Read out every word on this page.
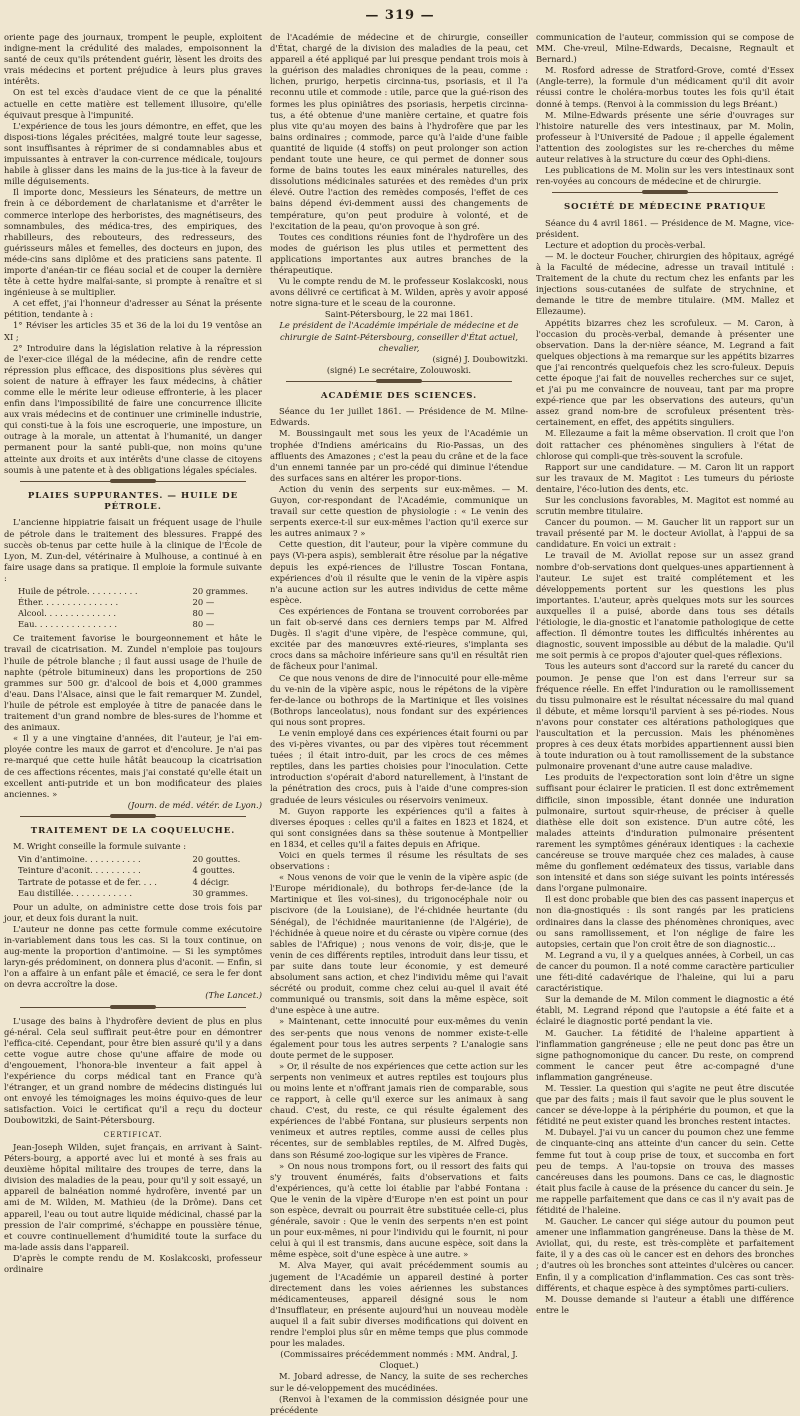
— 319 —

oriente page des journaux, trompent le peuple, exploitent indigne-ment la crédulité des malades, empoisonnent la santé de ceux qu'ils prétendent guérir, lèsent les droits des vrais médecins et portent préjudice à leurs plus graves intérêts.

On est tel excès d'audace vient de ce que la pénalité actuelle en cette matière est tellement illusoire, qu'elle équivaut presque à l'impunité.

L'expérience de tous les jours démontre, en effet, que les disposi-tions légales précitées, malgré toute leur sagesse, sont insuffisantes à réprimer de si condamnables abus et impuissantes à entraver la con-currence médicale, toujours habile à glisser dans les mains de la jus-tice à la faveur de mille déguisements.

Il importe donc, Messieurs les Sénateurs, de mettre un frein à ce débordement de charlatanisme et d'arrêter le commerce interlope des herboristes, des magnétiseurs, des somnambules, des médica-tres, des empiriques, des rhabilleurs, des rebouteurs, des redresseurs, des guérisseurs mâles et femelles, des docteurs en jupon, des méde-cins sans diplôme et des praticiens sans patente. Il importe d'anéan-tir ce fléau social et de couper la dernière tête à cette hydre malfai-sante, si prompte à renaître et si ingénieuse à se multiplier.

A cet effet, j'ai l'honneur d'adresser au Sénat la présente pétition, tendante à :

1° Réviser les articles 35 et 36 de la loi du 19 ventôse an XI ;

2° Introduire dans la législation relative à la répression de l'exer-cice illégal de la médecine, afin de rendre cette répression plus efficace, des dispositions plus sévères qui soient de nature à effrayer les faux médecins, à châtier comme elle le mérite leur odieuse effronterie, à les placer enfin dans l'impossibilité de faire une concurrence illicite aux vrais médecins et de continuer une criminelle industrie, qui consti-tue à la fois une escroquerie, une imposture, un outrage à la morale, un attentat à l'humanité, un danger permanent pour la santé publi-que, non moins qu'une atteinte aux droits et aux intérêts d'une classe de citoyens soumis à une patente et à des obligations légales spéciales.

PLAIES SUPPURANTES. — HUILE DE PÉTROLE.

L'ancienne hippiatrie faisait un fréquent usage de l'huile de pétrole dans le traitement des blessures. Frappé des succès ob-tenus par cette huile à la clinique de l'École de Lyon, M. Zun-del, vétérinaire à Mulhouse, a continué à en faire usage dans sa pratique. Il emploie la formule suivante :

Huile de pétrole. . . . . . . . . .	20 grammes.
Éther. . . . . . . . . . . . . . .	20 —
Alcool. . . . . . . . . . . . . .	80 —
Eau. . . . . . . . . . . . . . . .	80 —

Ce traitement favorise le bourgeonnement et hâte le travail de cicatrisation. M. Zundel n'emploie pas toujours l'huile de pétrole blanche ; il faut aussi usage de l'huile de naphte (pétrole bitumineux) dans les proportions de 250 grammes sur 500 gr. d'alcool de bois et 4,000 grammes d'eau. Dans l'Alsace, ainsi que le fait remarquer M. Zundel, l'huile de pétrole est employée à titre de panacée dans le traitement d'un grand nombre de bles-sures de l'homme et des animaux.

« Il y a une vingtaine d'années, dit l'auteur, je l'ai em-ployée contre les maux de garrot et d'encolure. Je n'ai pas re-marqué que cette huile hâtât beaucoup la cicatrisation de ces affections récentes, mais j'ai constaté qu'elle était un excellent anti-putride et un bon modificateur des plaies anciennes. »

(Journ. de méd. vétér. de Lyon.)

TRAITEMENT DE LA COQUELUCHE.

M. Wright conseille la formule suivante :

Vin d'antimoine. . . . . . . . . . .	20 gouttes.
Teinture d'aconit. . . . . . . . . .	4 gouttes.
Tartrate de potasse et de fer. . . .	4 décigr.
Eau distillée. . . . . . . . . . . .	30 grammes.

Pour un adulte, on administre cette dose trois fois par jour, et deux fois durant la nuit.

L'auteur ne donne pas cette formule comme exécutoire in-variablement dans tous les cas. Si la toux continue, on aug-mente la proportion d'antimoine. — Si les symptômes laryn-gés prédominent, on donnera plus d'aconit. — Enfin, si l'on a affaire à un enfant pâle et émacié, ce sera le fer dont on devra accroître la dose.

(The Lancet.)

L'usage des bains à l'hydrofère devient de plus en plus gé-néral. Cela seul suffirait peut-être pour en démontrer l'effica-cité. Cependant, pour être bien assuré qu'il y a dans cette vogue autre chose qu'une affaire de mode ou d'engouement, l'honora-ble inventeur a fait appel à l'expérience du corps médical tant en France qu'à l'étranger, et un grand nombre de médecins distingués lui ont envoyé les témoignages les moins équivo-ques de leur satisfaction. Voici le certificat qu'il a reçu du docteur Doubowitzki, de Saint-Pétersbourg.

CERTIFICAT.

Jean-Joseph Wilden, sujet français, en arrivant à Saint-Péters-bourg, a apporté avec lui et monté à ses frais au deuxième hôpital militaire des troupes de terre, dans la division des maladies de la peau, pour qu'il y soit essayé, un appareil de balnéation nommé hydrofère, inventé par un ami de M. Wilden, M. Mathieu (de la Drôme). Dans cet appareil, l'eau ou tout autre liquide médicinal, chassé par la pression de l'air comprimé, s'échappe en poussière ténue, et couvre continuellement d'humidité toute la surface du ma-lade assis dans l'appareil.

D'après le compte rendu de M. Koslakcoski, professeur ordinaire

de l'Académie de médecine et de chirurgie, conseiller d'État, chargé de la division des maladies de la peau, cet appareil a été appliqué par lui presque pendant trois mois à la guérison des maladies chroniques de la peau, comme : lichen, prurigo, herpetis circinna-tus, psoriasis, et il l'a reconnu utile et commode : utile, parce que la gué-rison des formes les plus opiniâtres des psoriasis, herpetis circinna-tus, a été obtenue d'une manière certaine, et quatre fois plus vite qu'au moyen des bains à l'hydrofère que par les bains ordinaires ; commode, parce qu'à l'aide d'une faible quantité de liquide (4 stoffs) on peut prolonger son action pendant toute une heure, ce qui permet de donner sous forme de bains toutes les eaux minérales naturelles, des dissolutions médicinales saturées et des remèdes d'un prix élevé. Outre l'action des remèdes composés, l'effet de ces bains dépend évi-demment aussi des changements de température, qu'on peut produire à volonté, et de l'excitation de la peau, qu'on provoque à son gré.

Toutes ces conditions réunies font de l'hydrofère un des modes de guérison les plus utiles et permettent des applications importantes aux autres branches de la thérapeutique.

Vu le compte rendu de M. le professeur Koslakcoski, nous avons délivré ce certificat à M. Wilden, après y avoir apposé notre signa-ture et le sceau de la couronne.

Saint-Pétersbourg, le 22 mai 1861.

Le président de l'Académie impériale de médecine et de chirurgie de Saint-Pétersbourg, conseiller d'État actuel, chevalier,

(signé) J. Doubowitzki.

(signé) Le secrétaire, Zolouwoski.

ACADÉMIE DES SCIENCES.

Séance du 1er juillet 1861. — Présidence de M. Milne-Edwards.

M. Boussingault met sous les yeux de l'Académie un trophée d'Indiens américains du Rio-Passas, un des affluents des Amazones ; c'est la peau du crâne et de la face d'un ennemi tannée par un pro-cédé qui diminue l'étendue des surfaces sans en altérer les propor-tions.

Action du venin des serpents sur eux-mêmes. — M. Guyon, cor-respondant de l'Académie, communique un travail sur cette question de physiologie : « Le venin des serpents exerce-t-il sur eux-mêmes l'action qu'il exerce sur les autres animaux ? »

Cette question, dit l'auteur, pour la vipère commune du pays (Vi-pera aspis), semblerait être résolue par la négative depuis les expé-riences de l'illustre Toscan Fontana, expériences d'où il résulte que le venin de la vipère aspis n'a aucune action sur les autres individus de cette même espèce.

Ces expériences de Fontana se trouvent corroborées par un fait ob-servé dans ces derniers temps par M. Alfred Dugès. Il s'agit d'une vipère, de l'espèce commune, qui, excitée par des manœuvres exté-rieures, s'implanta ses crocs dans sa mâchoire inférieure sans qu'il en résultât rien de fâcheux pour l'animal.

Ce que nous venons de dire de l'innocuité pour elle-même du ve-nin de la vipère aspic, nous le répétons de la vipère fer-de-lance ou bothrops de la Martinique et îles voisines (Bothrops lanceolatus), nous fondant sur des expériences qui nous sont propres.

Le venin employé dans ces expériences était fourni ou par des vi-pères vivantes, ou par des vipères tout récemment tuées ; il était intro-duit, par les crocs de ces mêmes reptiles, dans les parties choisies pour l'inoculation. Cette introduction s'opérait d'abord naturellement, à l'instant de la pénétration des crocs, puis à l'aide d'une compres-sion graduée de leurs vésicules ou réservoirs venimeux.

M. Guyon rapporte les expériences qu'il a faites à diverses époques : celles qu'il a faites en 1823 et 1824, et qui sont consignées dans sa thèse soutenue à Montpellier en 1834, et celles qu'il a faites depuis en Afrique.

Voici en quels termes il résume les résultats de ses observations :

« Nous venons de voir que le venin de la vipère aspic (de l'Europe méridionale), du bothrops fer-de-lance (de la Martinique et îles voi-sines), du trigonocéphale noir ou piscivore (de la Louisiane), de l'é-chidnée heurtante (du Sénégal), de l'échidnée mauritanienne (de l'Algérie), de l'échidnée à queue noire et du céraste ou vipère cornue (des sables de l'Afrique) ; nous venons de voir, dis-je, que le venin de ces différents reptiles, introduit dans leur tissu, et par suite dans toute leur économie, y est demeuré absolument sans action, et chez l'individu même qui l'avait sécrété ou produit, comme chez celui au-quel il avait été communiqué ou transmis, soit dans la même espèce, soit d'une espèce à une autre.

» Maintenant, cette innocuité pour eux-mêmes du venin des ser-pents que nous venons de nommer existe-t-elle également pour tous les autres serpents ? L'analogie sans doute permet de le supposer.

» Or, il résulte de nos expériences que cette action sur les serpents non venimeux et autres reptiles est toujours plus ou moins lente et n'offrant jamais rien de comparable, sous ce rapport, à celle qu'il exerce sur les animaux à sang chaud. C'est, du reste, ce qui résulte également des expériences de l'abbé Fontana, sur plusieurs serpents non venimeux et autres reptiles, comme aussi de celles plus récentes, sur de semblables reptiles, de M. Alfred Dugès, dans son Résumé zoo-logique sur les vipères de France.

» On nous nous trompons fort, ou il ressort des faits qui s'y trouvent énumérés, faits d'observations et faits d'expériences, qu'à cette loi établie par l'abbé Fontana : Que le venin de la vipère d'Europe n'en est point un pour son espèce, devrait ou pourrait être substituée celle-ci, plus générale, savoir : Que le venin des serpents n'en est point un pour eux-mêmes, ni pour l'individu qui le fournit, ni pour celui à qui il est transmis, dans aucune espèce, soit dans la même espèce, soit d'une espèce à une autre. »

M. Alva Mayer, qui avait précédemment soumis au jugement de l'Académie un appareil destiné à porter directement dans les voies aériennes les substances médicamenteuses, appareil désigné sous le nom d'Insufflateur, en présente aujourd'hui un nouveau modèle auquel il a fait subir diverses modifications qui doivent en rendre l'emploi plus sûr en même temps que plus commode pour les malades.

(Commissaires précédemment nommés : MM. Andral, J. Cloquet.)

M. Jobard adresse, de Nancy, la suite de ses recherches sur le dé-veloppement des mucédinées.

(Renvoi à l'examen de la commission désignée pour une précédente

communication de l'auteur, commission qui se compose de MM. Che-vreul, Milne-Edwards, Decaisne, Regnault et Bernard.)

M. Rosford adresse de Stratford-Grove, comté d'Essex (Angle-terre), la formule d'un médicament qu'il dit avoir réussi contre le choléra-morbus toutes les fois qu'il était donné à temps. (Renvoi à la commission du legs Bréant.)

M. Milne-Edwards présente une série d'ouvrages sur l'histoire naturelle des vers intestinaux, par M. Molin, professeur à l'Université de Padoue ; il appelle également l'attention des zoologistes sur les re-cherches du même auteur relatives à la structure du cœur des Ophi-diens.

Les publications de M. Molin sur les vers intestinaux sont ren-voyées au concours de médecine et de chirurgie.

SOCIÉTÉ DE MÉDECINE PRATIQUE

Séance du 4 avril 1861. — Présidence de M. Magne, vice-président.

Lecture et adoption du procès-verbal.

— M. le docteur Foucher, chirurgien des hôpitaux, agrégé à la Faculté de médecine, adresse un travail intitulé : Traitement de la chute du rectum chez les enfants par les injections sous-cutanées de sulfate de strychnine, et demande le titre de membre titulaire. (MM. Mallez et Ellezaume).

Appétits bizarres chez les scrofuleux. — M. Caron, à l'occasion du procès-verbal, demande à présenter une observation. Dans la der-nière séance, M. Legrand a fait quelques objections à ma remarque sur les appétits bizarres que j'ai rencontrés quelquefois chez les scro-fuleux. Depuis cette époque j'ai fait de nouvelles recherches sur ce sujet, et j'ai pu me convaincre de nouveau, tant par ma propre expé-rience que par les observations des auteurs, qu'un assez grand nom-bre de scrofuleux présentent très-certainement, en effet, des appétits singuliers.

M. Ellezaume a fait la même observation. Il croit que l'on doit rattacher ces phénomènes singuliers à l'état de chlorose qui compli-que très-souvent la scrofule.

Rapport sur une candidature. — M. Caron lit un rapport sur les travaux de M. Magitot : Les tumeurs du périoste dentaire, l'éco-lution des dents, etc.

Sur les conclusions favorables, M. Magitot est nommé au scrutin membre titulaire.

Cancer du poumon. — M. Gaucher lit un rapport sur un travail présenté par M. le docteur Aviollat, à l'appui de sa candidature. En voici un extrait :

Le travail de M. Aviollat repose sur un assez grand nombre d'ob-servations dont quelques-unes appartiennent à l'auteur. Le sujet est traité complétement et les développements portent sur les questions les plus importantes. L'auteur, après quelques mots sur les sources auxquelles il a puisé, aborde dans tous ses détails l'étiologie, le dia-gnostic et l'anatomie pathologique de cette affection. Il démontre toutes les difficultés inhérentes au diagnostic, souvent impossible au début de la maladie. Qu'il me soit permis à ce propos d'ajouter quel-ques réflexions.

Tous les auteurs sont d'accord sur la rareté du cancer du poumon. Je pense que l'on est dans l'erreur sur sa fréquence réelle. En effet l'induration ou le ramollissement du tissu pulmonaire est le résultat nécessaire du mal quand il débute, et même lorsqu'il parvient à ses pé-riodes. Nous n'avons pour constater ces altérations pathologiques que l'auscultation et la percussion. Mais les phénomènes propres à ces deux états morbides appartiennent aussi bien à toute induration ou à tout ramollissement de la substance pulmonaire provenant d'une autre cause maladive.

Les produits de l'expectoration sont loin d'être un signe suffisant pour éclairer le praticien. Il est donc extrêmement difficile, sinon impossible, étant donnée une induration pulmonaire, surtout squir-rheuse, de préciser à quelle diathèse elle doit son existence. D'un autre côté, les malades atteints d'induration pulmonaire présentent rarement les symptômes généraux identiques : la cachexie cancéreuse se trouve marquée chez ces malades, à cause même du gonflement œdémateux des tissus, variable dans son intensité et dans son siége suivant les points intéressés dans l'organe pulmonaire.

Il est donc probable que bien des cas passent inaperçus et non dia-gnostiqués : ils sont rangés par les praticiens ordinaires dans la classe des phénomènes chroniques, avec ou sans ramollissement, et l'on néglige de faire les autopsies, certain que l'on croit être de son diagnostic...

M. Legrand a vu, il y a quelques années, à Corbeil, un cas de cancer du poumon. Il a noté comme caractère particulier une féti-dité cadavérique de l'haleine, qui lui a paru caractéristique.

Sur la demande de M. Milon comment le diagnostic a été établi, M. Legrand répond que l'autopsie a été faite et a éclairé le diagnostic porté pendant la vie.

M. Gaucher. La fétidité de l'haleine appartient à l'inflammation gangréneuse ; elle ne peut donc pas être un signe pathognomonique du cancer. Du reste, on comprend comment le cancer peut être ac-compagné d'une inflammation gangréneuse.

M. Tessier. La question qui s'agite ne peut être discutée que par des faits ; mais il faut savoir que le plus souvent le cancer se déve-loppe à la périphérie du poumon, et que la fétidité ne peut exister quand les bronches restent intactes.

M. Dubayel. J'ai vu un cancer du poumon chez une femme de cinquante-cinq ans atteinte d'un cancer du sein. Cette femme fut tout à coup prise de toux, et succomba en fort peu de temps. A l'au-topsie on trouva des masses cancéreuses dans les poumons. Dans ce cas, le diagnostic était plus facile à cause de la présence du cancer du sein. Je me rappelle parfaitement que dans ce cas il n'y avait pas de fétidité de l'haleine.

M. Gaucher. Le cancer qui siége autour du poumon peut amener une inflammation gangréneuse. Dans la thèse de M. Aviollat, qui, du reste, est très-complète et parfaitement faite, il y a des cas où le cancer est en dehors des bronches ; d'autres où les bronches sont atteintes d'ulcères ou cancer. Enfin, il y a complication d'inflammation. Ces cas sont très-différents, et chaque espèce à des symptômes parti-culiers.

M. Dousse demande si l'auteur a établi une différence entre le
